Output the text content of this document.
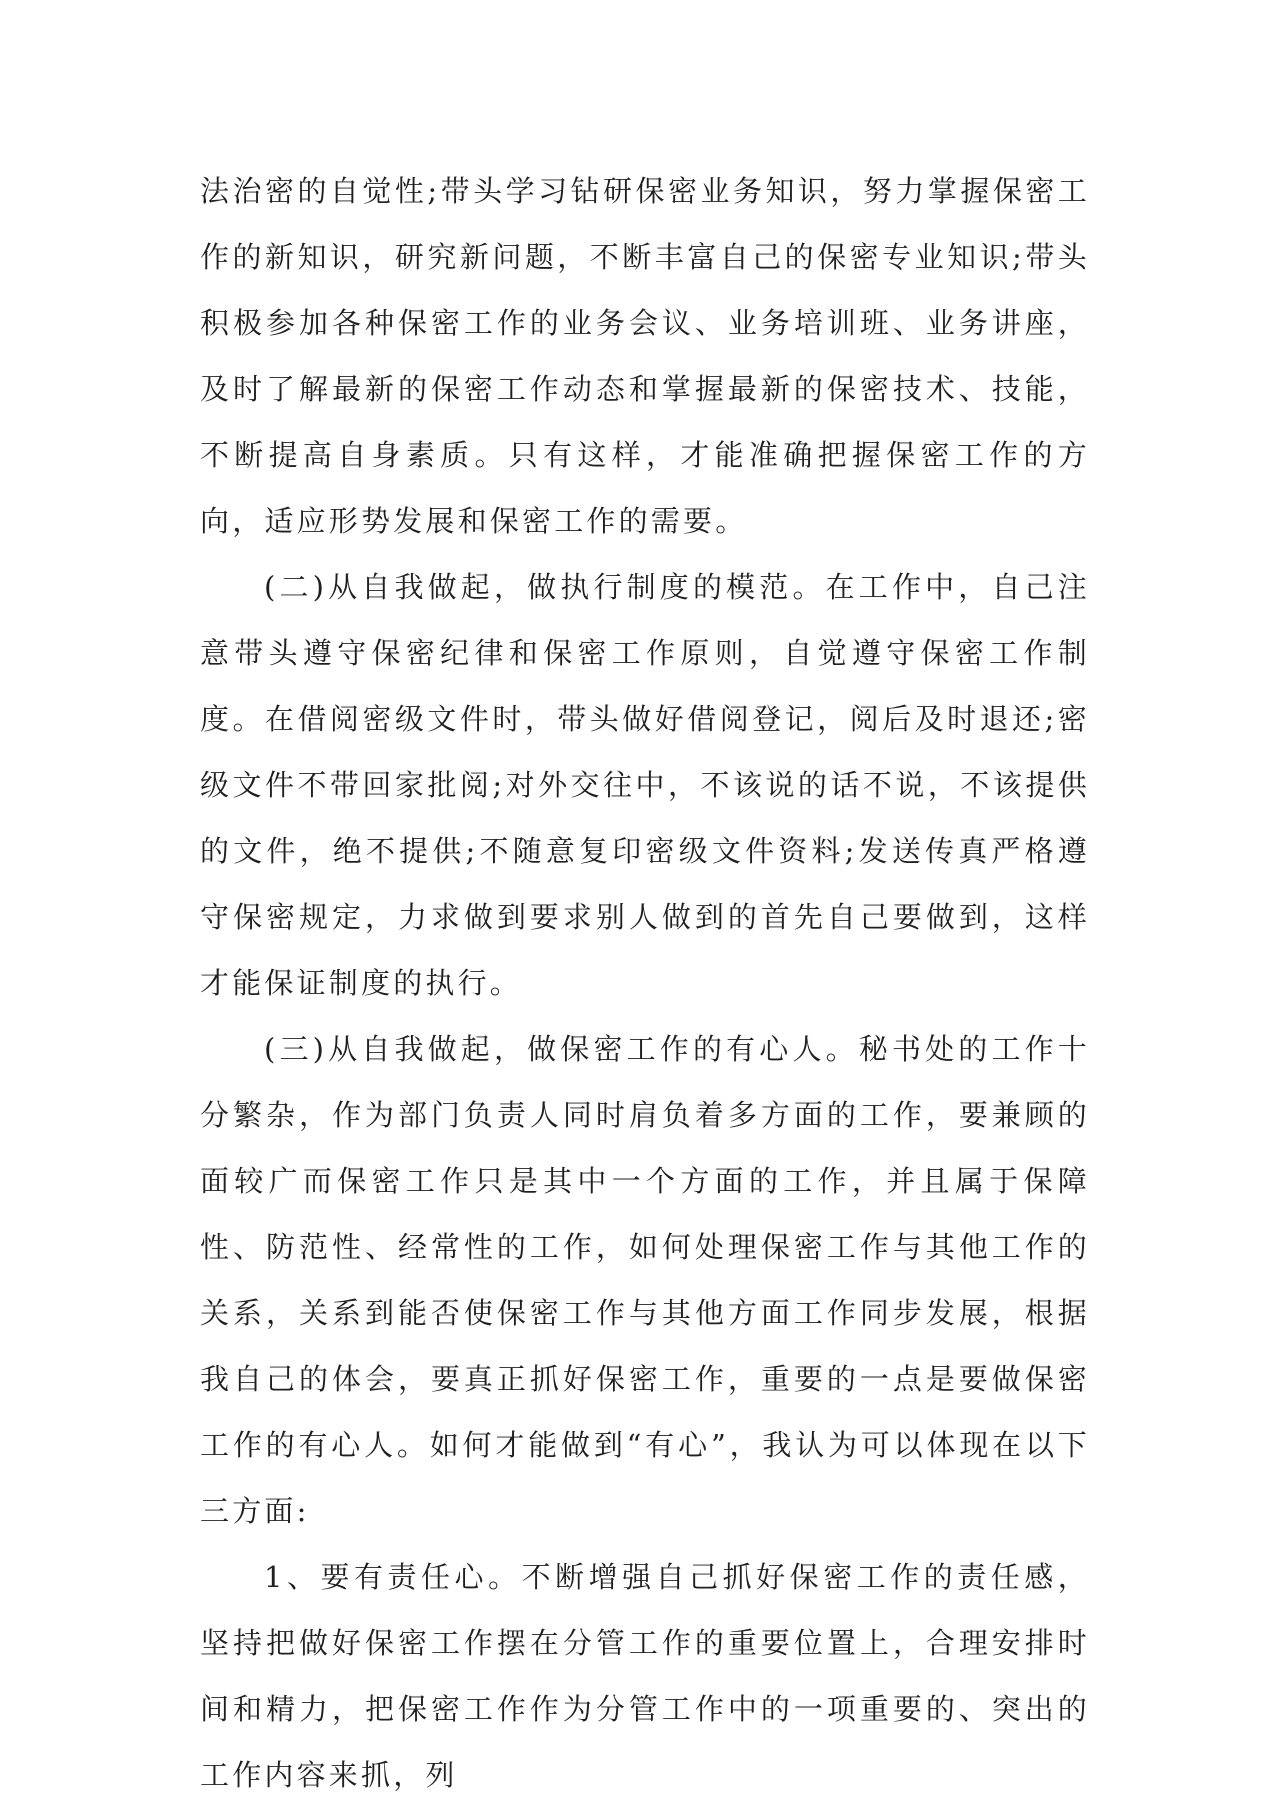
法治密的自觉性;带头学习钻研保密业务知识，努力掌握保密工作的新知识，研究新问题，不断丰富自己的保密专业知识;带头积极参加各种保密工作的业务会议、业务培训班、业务讲座，及时了解最新的保密工作动态和掌握最新的保密技术、技能，不断提高自身素质。只有这样，才能准确把握保密工作的方向，适应形势发展和保密工作的需要。

(二)从自我做起，做执行制度的模范。在工作中，自己注意带头遵守保密纪律和保密工作原则，自觉遵守保密工作制度。在借阅密级文件时，带头做好借阅登记，阅后及时退还;密级文件不带回家批阅;对外交往中，不该说的话不说，不该提供的文件，绝不提供;不随意复印密级文件资料;发送传真严格遵守保密规定，力求做到要求别人做到的首先自己要做到，这样才能保证制度的执行。

(三)从自我做起，做保密工作的有心人。秘书处的工作十分繁杂，作为部门负责人同时肩负着多方面的工作，要兼顾的面较广而保密工作只是其中一个方面的工作，并且属于保障性、防范性、经常性的工作，如何处理保密工作与其他工作的关系，关系到能否使保密工作与其他方面工作同步发展，根据我自己的体会，要真正抓好保密工作，重要的一点是要做保密工作的有心人。如何才能做到“有心”，我认为可以体现在以下三方面:

1、要有责任心。不断增强自己抓好保密工作的责任感，坚持把做好保密工作摆在分管工作的重要位置上，合理安排时间和精力，把保密工作作为分管工作中的一项重要的、突出的工作内容来抓，列
